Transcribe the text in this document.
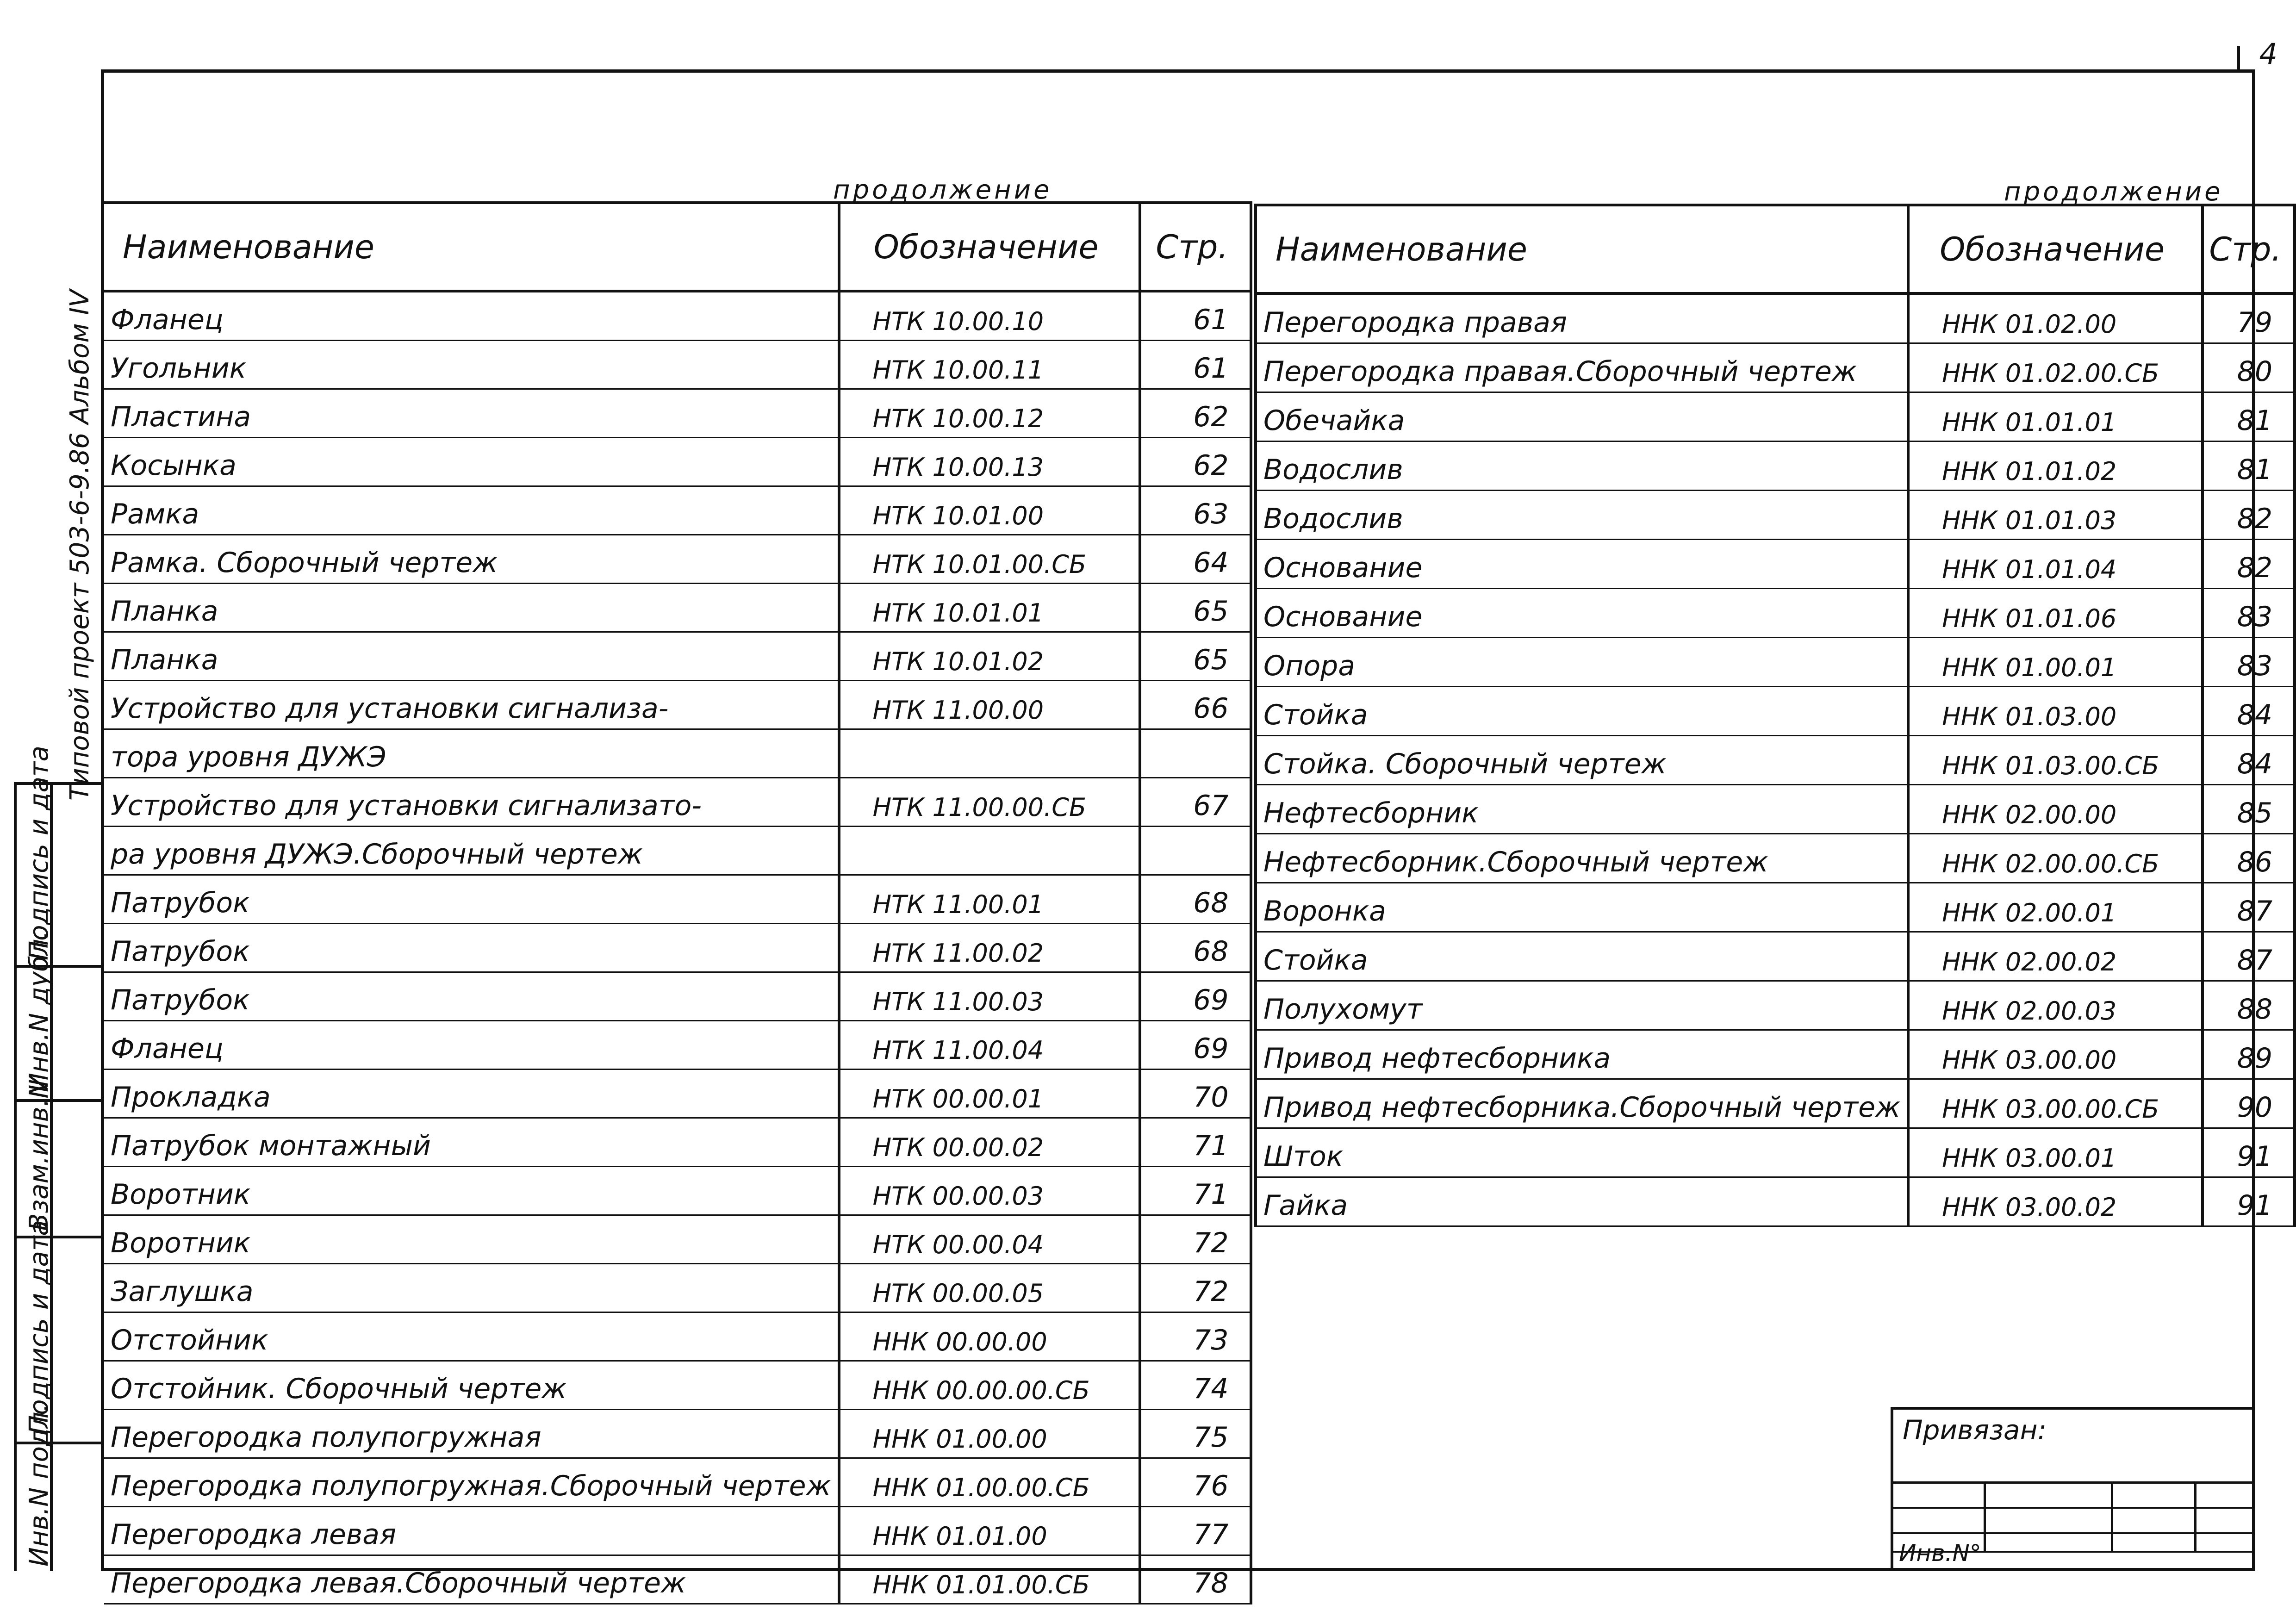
4
Типовой проект 503-6-9.86 Альбом IV
Подпись и дата
Инв.N дубл.
Взам.инв.N
Подпись и дата
Инв.N подл.
продолжение
Наименование	Обозначение	Стр.
Фланец	НТК 10.00.10	61
Угольник	НТК 10.00.11	61
Пластина	НТК 10.00.12	62
Косынка	НТК 10.00.13	62
Рамка	НТК 10.01.00	63
Рамка. Сборочный чертеж	НТК 10.01.00.СБ	64
Планка	НТК 10.01.01	65
Планка	НТК 10.01.02	65
Устройство для установки сигнализа-	НТК 11.00.00	66
тора уровня ДУЖЭ		
Устройство для установки сигнализато-	НТК 11.00.00.СБ	67
ра уровня ДУЖЭ.Сборочный чертеж		
Патрубок	НТК 11.00.01	68
Патрубок	НТК 11.00.02	68
Патрубок	НТК 11.00.03	69
Фланец	НТК 11.00.04	69
Прокладка	НТК 00.00.01	70
Патрубок монтажный	НТК 00.00.02	71
Воротник	НТК 00.00.03	71
Воротник	НТК 00.00.04	72
Заглушка	НТК 00.00.05	72
Отстойник	ННК 00.00.00	73
Отстойник. Сборочный чертеж	ННК 00.00.00.СБ	74
Перегородка полупогружная	ННК 01.00.00	75
Перегородка полупогружная.Сборочный чертеж	ННК 01.00.00.СБ	76
Перегородка левая	ННК 01.01.00	77
Перегородка левая.Сборочный чертеж	ННК 01.01.00.СБ	78
продолжение
Наименование	Обозначение	Стр.
Перегородка правая	ННК 01.02.00	79
Перегородка правая.Сборочный чертеж	ННК 01.02.00.СБ	80
Обечайка	ННК 01.01.01	81
Водослив	ННК 01.01.02	81
Водослив	ННК 01.01.03	82
Основание	ННК 01.01.04	82
Основание	ННК 01.01.06	83
Опора	ННК 01.00.01	83
Стойка	ННК 01.03.00	84
Стойка. Сборочный чертеж	ННК 01.03.00.СБ	84
Нефтесборник	ННК 02.00.00	85
Нефтесборник.Сборочный чертеж	ННК 02.00.00.СБ	86
Воронка	ННК 02.00.01	87
Стойка	ННК 02.00.02	87
Полухомут	ННК 02.00.03	88
Привод нефтесборника	ННК 03.00.00	89
Привод нефтесборника.Сборочный чертеж	ННК 03.00.00.СБ	90
Шток	ННК 03.00.01	91
Гайка	ННК 03.00.02	91
Привязан:
Инв.N°
